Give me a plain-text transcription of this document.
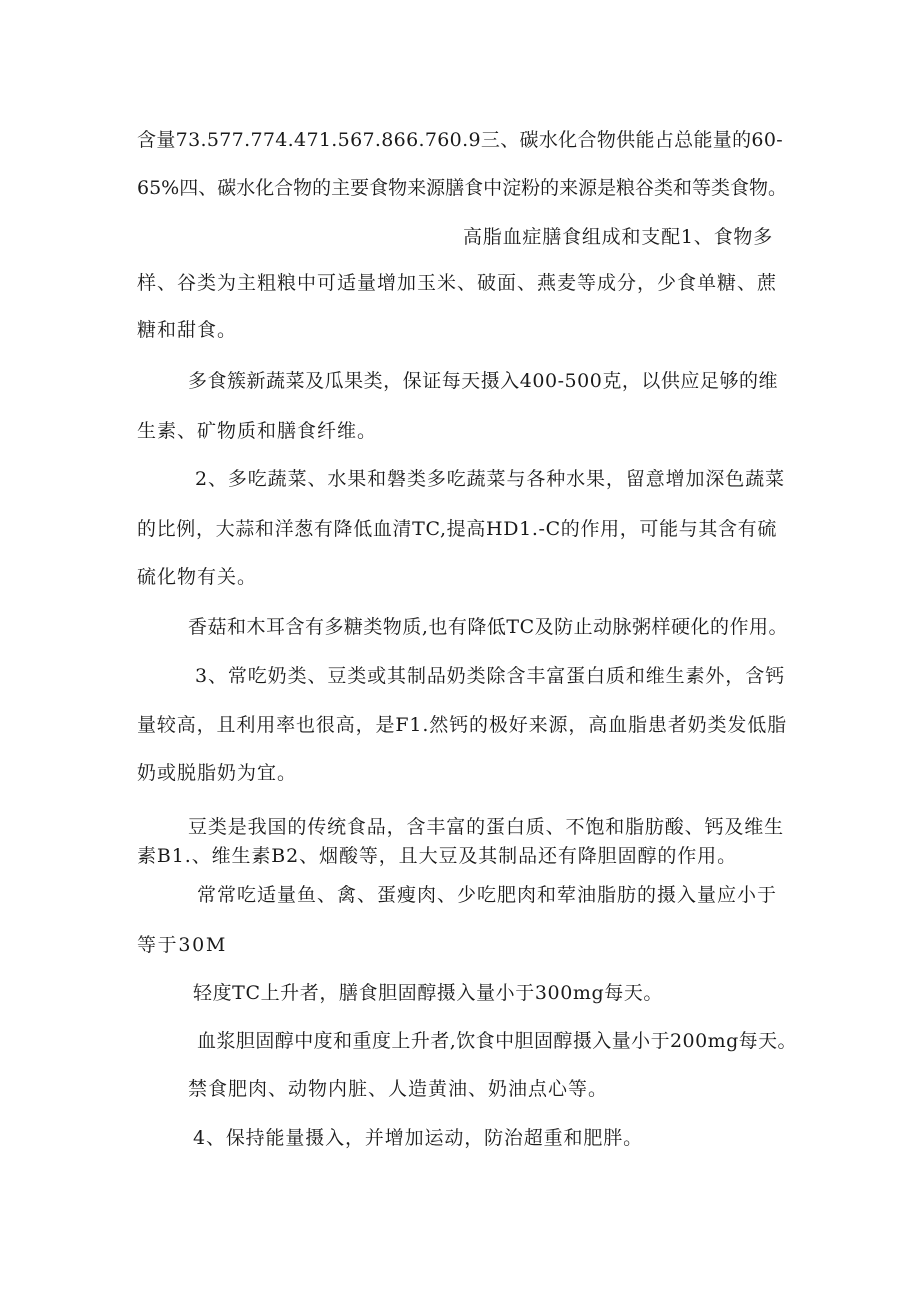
含量73.577.774.471.567.866.760.9三、碳水化合物供能占总能量的60-
65%四、碳水化合物的主要食物来源膳食中淀粉的来源是粮谷类和等类食物。
高脂血症膳食组成和支配1、食物多
样、谷类为主粗粮中可适量增加玉米、破面、燕麦等成分，少食单糖、蔗
糖和甜食。
多食簇新蔬菜及瓜果类，保证每天摄入400-500克，以供应足够的维
生素、矿物质和膳食纤维。
2、多吃蔬菜、水果和磐类多吃蔬菜与各种水果，留意增加深色蔬菜
的比例，大蒜和洋葱有降低血清TC,提高HD1.-C的作用，可能与其含有硫
硫化物有关。
香菇和木耳含有多糖类物质,也有降低TC及防止动脉粥样硬化的作用。
3、常吃奶类、豆类或其制品奶类除含丰富蛋白质和维生素外，含钙
量较高，且利用率也很高，是F1.然钙的极好来源，高血脂患者奶类发低脂
奶或脱脂奶为宜。
豆类是我国的传统食品，含丰富的蛋白质、不饱和脂肪酸、钙及维生
素B1.、维生素B2、烟酸等，且大豆及其制品还有降胆固醇的作用。
常常吃适量鱼、禽、蛋瘦肉、少吃肥肉和荤油脂肪的摄入量应小于
等于30M
轻度TC上升者，膳食胆固醇摄入量小于300mg每天。
血浆胆固醇中度和重度上升者,饮食中胆固醇摄入量小于200mg每天。
禁食肥肉、动物内脏、人造黄油、奶油点心等。
4、保持能量摄入，并增加运动，防治超重和肥胖。
